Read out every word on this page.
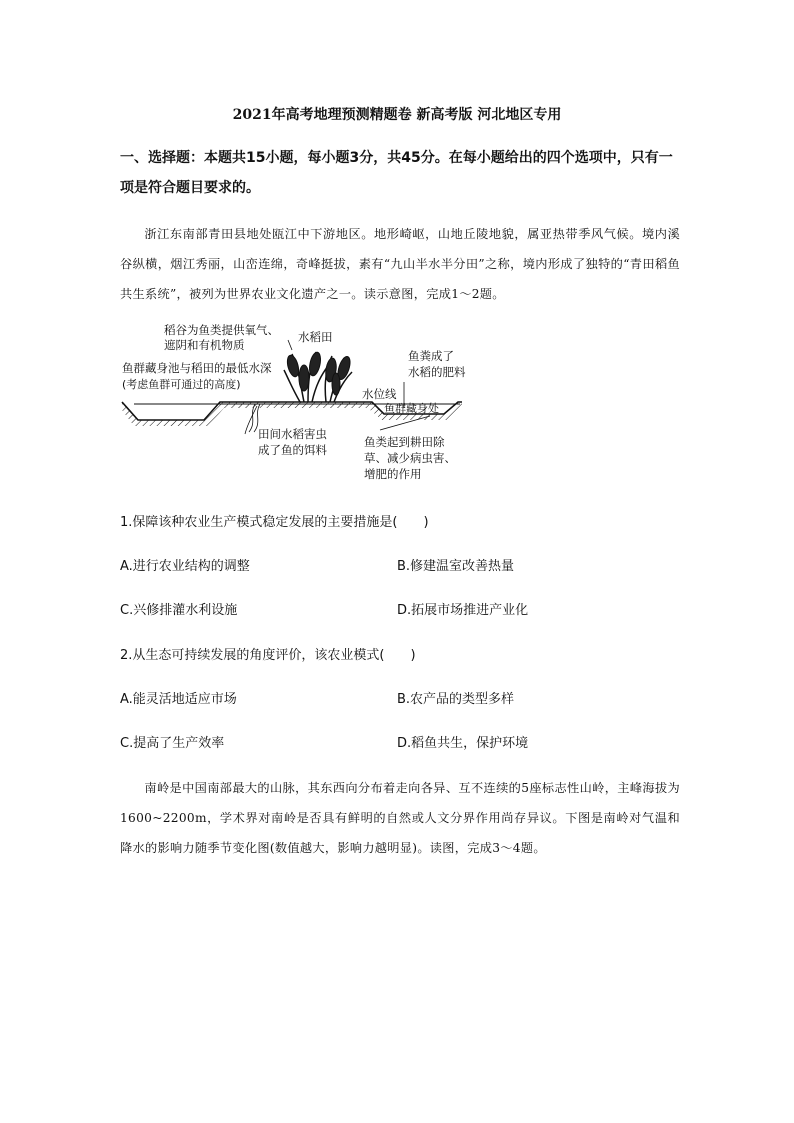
2021年高考地理预测精题卷 新高考版 河北地区专用
一、选择题：本题共15小题，每小题3分，共45分。在每小题给出的四个选项中，只有一项是符合题目要求的。
浙江东南部青田县地处瓯江中下游地区。地形崎岖，山地丘陵地貌，属亚热带季风气候。境内溪谷纵横，烟江秀丽，山峦连绵，奇峰挺拔，素有“九山半水半分田”之称，境内形成了独特的“青田稻鱼共生系统”，被列为世界农业文化遗产之一。读示意图，完成1～2题。
稻谷为鱼类提供氧气、
遮阴和有机物质
水稻田
鱼群藏身池与稻田的最低水深
(考虑鱼群可通过的高度)
鱼粪成了
水稻的肥料
水位线
鱼群藏身处
田间水稻害虫
成了鱼的饵料
鱼类起到耕田除
草、减少病虫害、
增肥的作用
1.保障该种农业生产模式稳定发展的主要措施是(　　)
A.进行农业结构的调整	B.修建温室改善热量
C.兴修排灌水利设施	D.拓展市场推进产业化
2.从生态可持续发展的角度评价，该农业模式(　　)
A.能灵活地适应市场	B.农产品的类型多样
C.提高了生产效率	D.稻鱼共生，保护环境
南岭是中国南部最大的山脉，其东西向分布着走向各异、互不连续的5座标志性山岭，主峰海拔为1600~2200m，学术界对南岭是否具有鲜明的自然或人文分界作用尚存异议。下图是南岭对气温和降水的影响力随季节变化图(数值越大，影响力越明显)。读图，完成3～4题。
